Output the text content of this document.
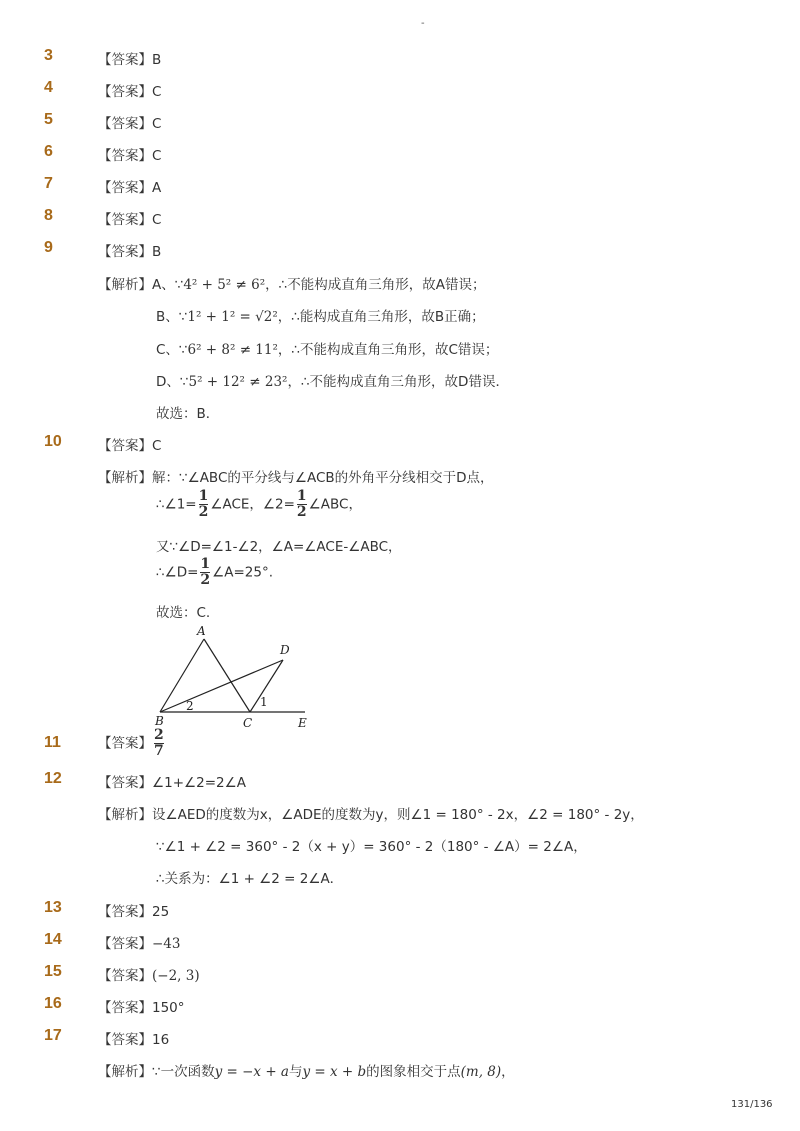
-
131/136
3	【答案】B
4	【答案】C
5	【答案】C
6	【答案】C
7	【答案】A
8	【答案】C
9	【答案】B
【解析】A、∵4² + 5² ≠ 6²，∴不能构成直角三角形，故A错误；
B、∵1² + 1² = √2²，∴能构成直角三角形，故B正确；
C、∵6² + 8² ≠ 11²，∴不能构成直角三角形，故C错误；
D、∵5² + 12² ≠ 23²，∴不能构成直角三角形，故D错误．
故选：B．
10	【答案】C
【解析】解：∵∠ABC的平分线与∠ACB的外角平分线相交于D点，
∴∠1= $\frac{1}{2}$ ∠ACE，∠2= $\frac{1}{2}$ ∠ABC，
又∵∠D=∠1-∠2，∠A=∠ACE-∠ABC，
∴∠D= $\frac{1}{2}$ ∠A=25°.
故选：C.
A
D
B	C	E
1
2
11	【答案】 $\frac{2}{7}$
12	【答案】∠1+∠2=2∠A
【解析】设∠AED的度数为x，∠ADE的度数为y，则∠1 = 180° - 2x，∠2 = 180° - 2y，
∵∠1 + ∠2 = 360° - 2（x + y）= 360° - 2（180° - ∠A）= 2∠A，
∴关系为：∠1 + ∠2 = 2∠A．
13	【答案】25
14	【答案】−43
15	【答案】(−2, 3)
16	【答案】150°
17	【答案】16
【解析】∵一次函数y = −x + a与y = x + b的图象相交于点(m, 8)，
